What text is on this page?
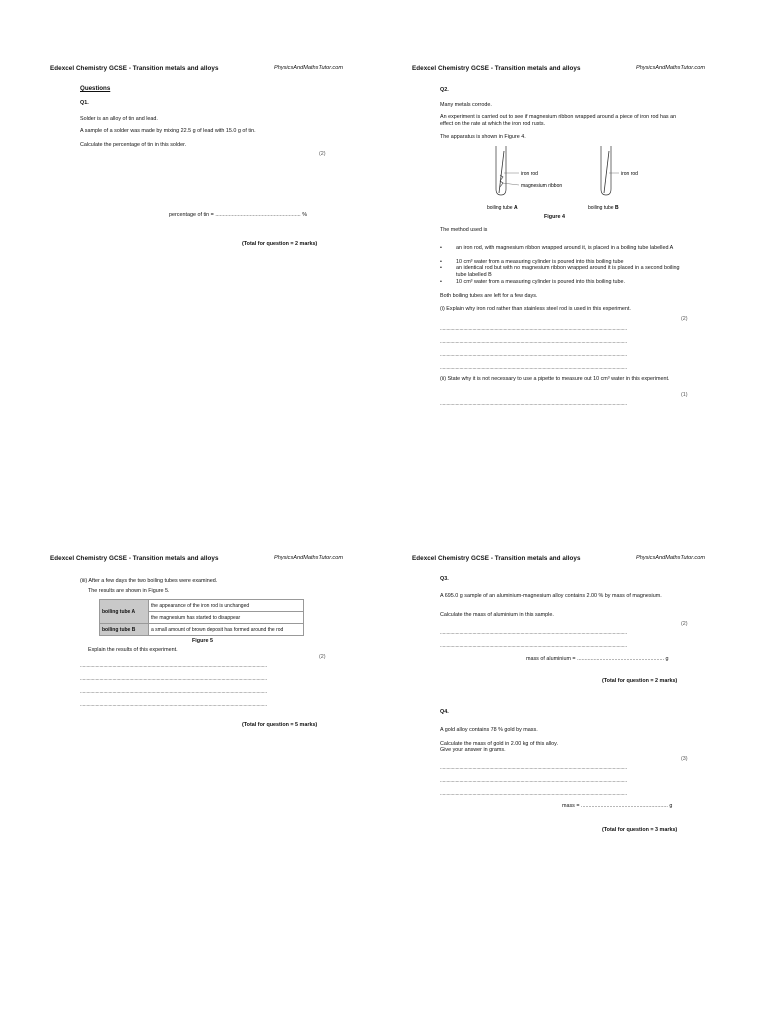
Edexcel Chemistry GCSE - Transition metals and alloys	PhysicsAndMathsTutor.com
Questions
Q1.
Solder is an alloy of tin and lead.
A sample of a solder was made by mixing 22.5 g of lead with 15.0 g of tin.
Calculate the percentage of tin in this solder.
(2)
percentage of tin = ......................................................... %
(Total for question = 2 marks)
Edexcel Chemistry GCSE - Transition metals and alloys	PhysicsAndMathsTutor.com
Q2.
Many metals corrode.
An experiment is carried out to see if magnesium ribbon wrapped around a piece of iron rod has an effect on the rate at which the iron rod rusts.
The apparatus is shown in Figure 4.
iron rod
magnesium ribbon
boiling tube A
iron rod
boiling tube B
Figure 4
The method used is
•	an iron rod, with magnesium ribbon wrapped around it, is placed in a boiling tube labelled A
•	10 cm³ water from a measuring cylinder is poured into this boiling tube
•	an identical rod but with no magnesium ribbon wrapped around it is placed in a second boiling tube labelled B
•	10 cm³ water from a measuring cylinder is poured into this boiling tube.
Both boiling tubes are left for a few days.
(i) Explain why iron rod rather than stainless steel rod is used in this experiment.
(2)
................................................................................................................................................
................................................................................................................................................
................................................................................................................................................
................................................................................................................................................
(ii) State why it is not necessary to use a pipette to measure out 10 cm³ water in this experiment.
(1)
................................................................................................................................................
Edexcel Chemistry GCSE - Transition metals and alloys	PhysicsAndMathsTutor.com
(iii) After a few days the two boiling tubes were examined.
The results are shown in Figure 5.
boiling tube A	the appearance of the iron rod is unchanged
	the magnesium has started to disappear
boiling tube B	a small amount of brown deposit has formed around the rod
Figure 5
Explain the results of this experiment.
(2)
................................................................................................................................................
................................................................................................................................................
................................................................................................................................................
................................................................................................................................................
(Total for question = 5 marks)
Edexcel Chemistry GCSE - Transition metals and alloys	PhysicsAndMathsTutor.com
Q3.
A 695.0 g sample of an aluminium-magnesium alloy contains 2.00 % by mass of magnesium.
Calculate the mass of aluminium in this sample.
(2)
................................................................................................................................................
................................................................................................................................................
mass of aluminium = .......................................................... g
(Total for question = 2 marks)
Q4.
A gold alloy contains 78 % gold by mass.
Calculate the mass of gold in 2.00 kg of this alloy.
Give your answer in grams.
(3)
................................................................................................................................................
................................................................................................................................................
................................................................................................................................................
mass = .......................................................... g
(Total for question = 3 marks)
